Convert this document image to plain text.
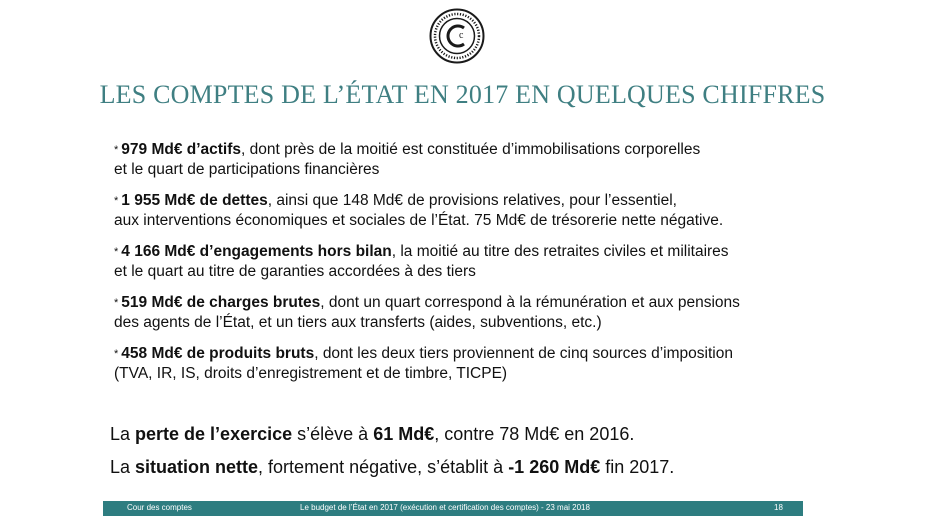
c
LES COMPTES DE L’ÉTAT EN 2017 EN QUELQUES CHIFFRES
* 979 Md€ d’actifs, dont près de la moitié est constituée d’immobilisations corporelles
et le quart de participations financières
* 1 955 Md€ de dettes, ainsi que 148 Md€ de provisions relatives, pour l’essentiel,
aux interventions économiques et sociales de l’État. 75 Md€ de trésorerie nette négative.
* 4 166 Md€ d’engagements hors bilan, la moitié au titre des retraites civiles et militaires
et le quart au titre de garanties accordées à des tiers
* 519 Md€ de charges brutes, dont un quart correspond à la rémunération et aux pensions
des agents de l’État, et un tiers aux transferts (aides, subventions, etc.)
* 458 Md€ de produits bruts, dont les deux tiers proviennent de cinq sources d’imposition
(TVA, IR, IS, droits d’enregistrement et de timbre, TICPE)
La perte de l’exercice s’élève à 61 Md€, contre 78 Md€ en 2016.
La situation nette, fortement négative, s’établit à -1 260 Md€ fin 2017.
Cour des comptes	Le budget de l’État en 2017 (exécution et certification des comptes) - 23 mai 2018	18
